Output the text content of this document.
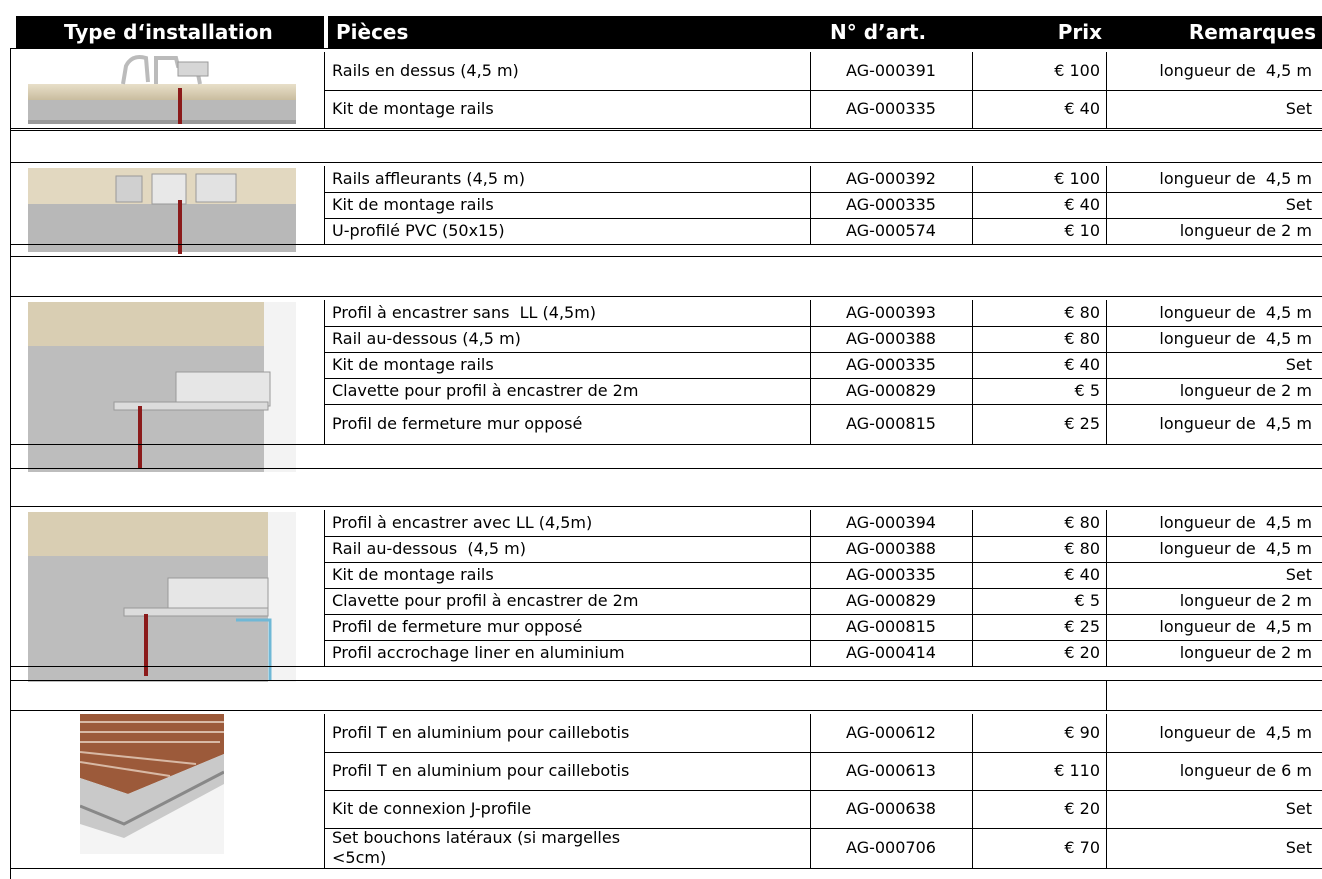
Type d‘installation	Pièces	N° d’art.	Prix	Remarques
Rails en dessus (4,5 m)	AG-000391	€ 100	longueur de  4,5 m
Kit de montage rails	AG-000335	€ 40	Set
Rails affleurants (4,5 m)	AG-000392	€ 100	longueur de  4,5 m
Kit de montage rails	AG-000335	€ 40	Set
U-profilé PVC (50x15)	AG-000574	€ 10	longueur de 2 m
Profil à encastrer sans  LL (4,5m)	AG-000393	€ 80	longueur de  4,5 m
Rail au-dessous (4,5 m)	AG-000388	€ 80	longueur de  4,5 m
Kit de montage rails	AG-000335	€ 40	Set
Clavette pour profil à encastrer de 2m	AG-000829	€ 5	longueur de 2 m
Profil de fermeture mur opposé	AG-000815	€ 25	longueur de  4,5 m
Profil à encastrer avec LL (4,5m)	AG-000394	€ 80	longueur de  4,5 m
Rail au-dessous  (4,5 m)	AG-000388	€ 80	longueur de  4,5 m
Kit de montage rails	AG-000335	€ 40	Set
Clavette pour profil à encastrer de 2m	AG-000829	€ 5	longueur de 2 m
Profil de fermeture mur opposé	AG-000815	€ 25	longueur de  4,5 m
Profil accrochage liner en aluminium	AG-000414	€ 20	longueur de 2 m
Profil T en aluminium pour caillebotis	AG-000612	€ 90	longueur de  4,5 m
Profil T en aluminium pour caillebotis	AG-000613	€ 110	longueur de 6 m
Kit de connexion J-profile	AG-000638	€ 20	Set
Set bouchons latéraux (si margelles
<5cm)
AG-000706	€ 70	Set
